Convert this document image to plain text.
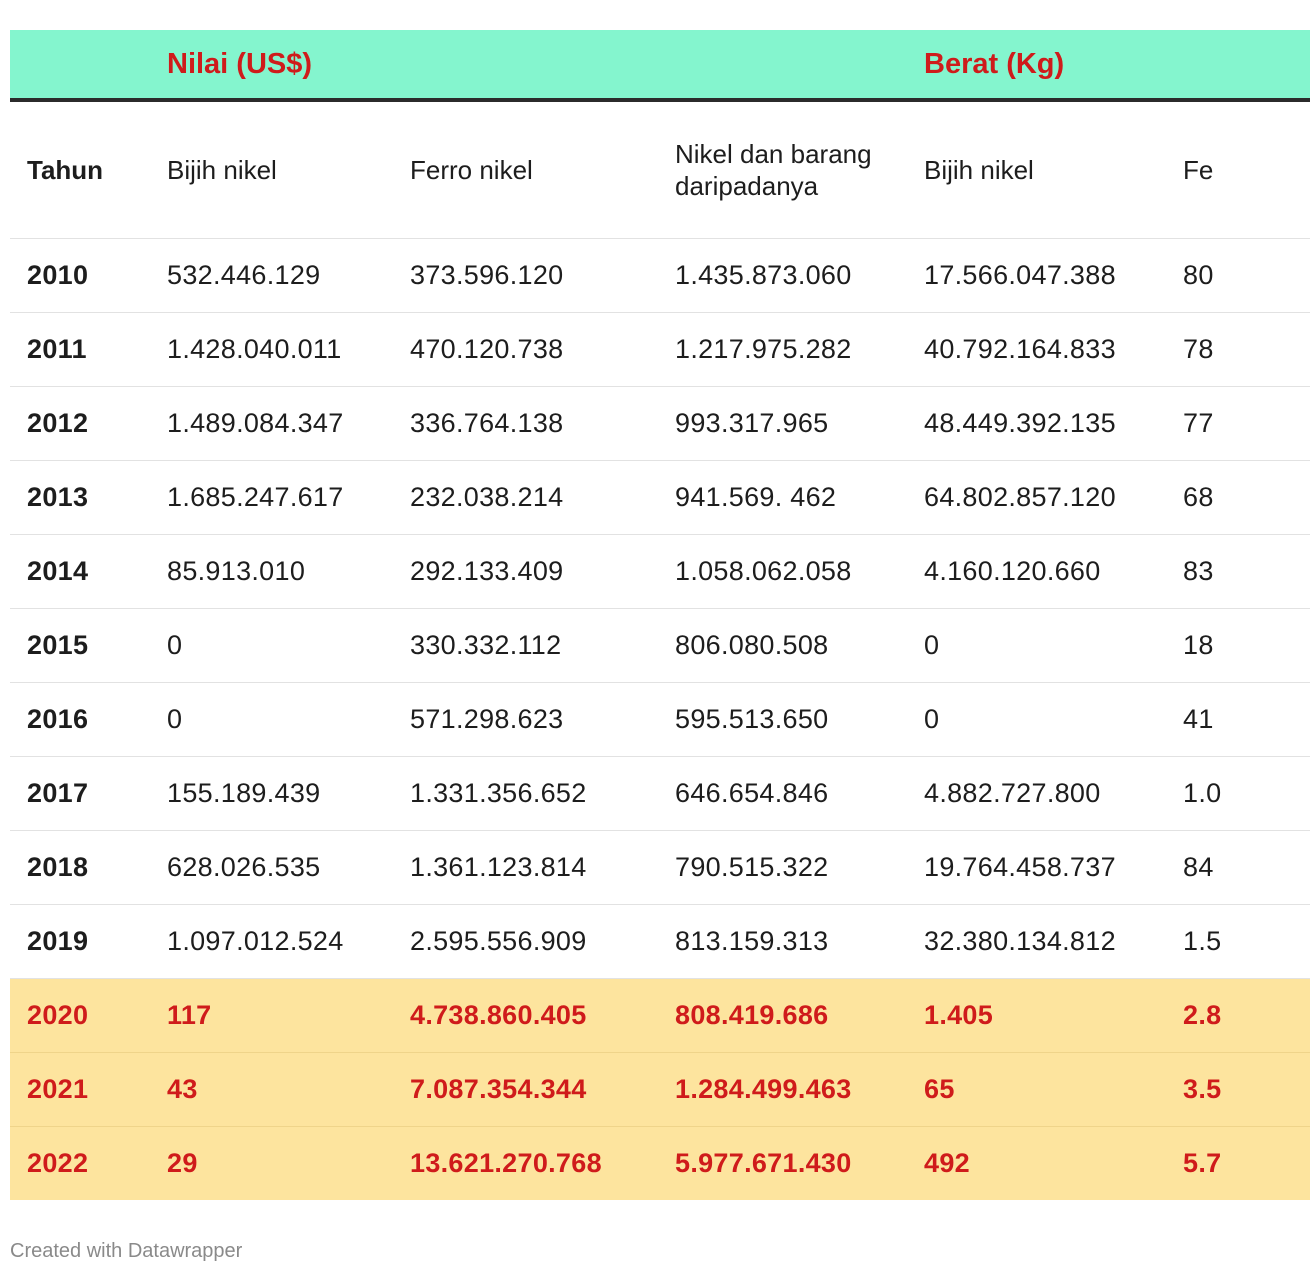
	Nilai (US$)			Berat (Kg)	
Tahun	Bijih nikel	Ferro nikel	Nikel dan barang daripadanya	Bijih nikel	Fe
2010	532.446.129	373.596.120	1.435.873.060	17.566.047.388	80
2011	1.428.040.011	470.120.738	1.217.975.282	40.792.164.833	78
2012	1.489.084.347	336.764.138	993.317.965	48.449.392.135	77
2013	1.685.247.617	232.038.214	941.569. 462	64.802.857.120	68
2014	85.913.010	292.133.409	1.058.062.058	4.160.120.660	83
2015	0	330.332.112	806.080.508	0	18
2016	0	571.298.623	595.513.650	0	41
2017	155.189.439	1.331.356.652	646.654.846	4.882.727.800	1.0
2018	628.026.535	1.361.123.814	790.515.322	19.764.458.737	84
2019	1.097.012.524	2.595.556.909	813.159.313	32.380.134.812	1.5
2020	117	4.738.860.405	808.419.686	1.405	2.8
2021	43	7.087.354.344	1.284.499.463	65	3.5
2022	29	13.621.270.768	5.977.671.430	492	5.7
Created with Datawrapper
